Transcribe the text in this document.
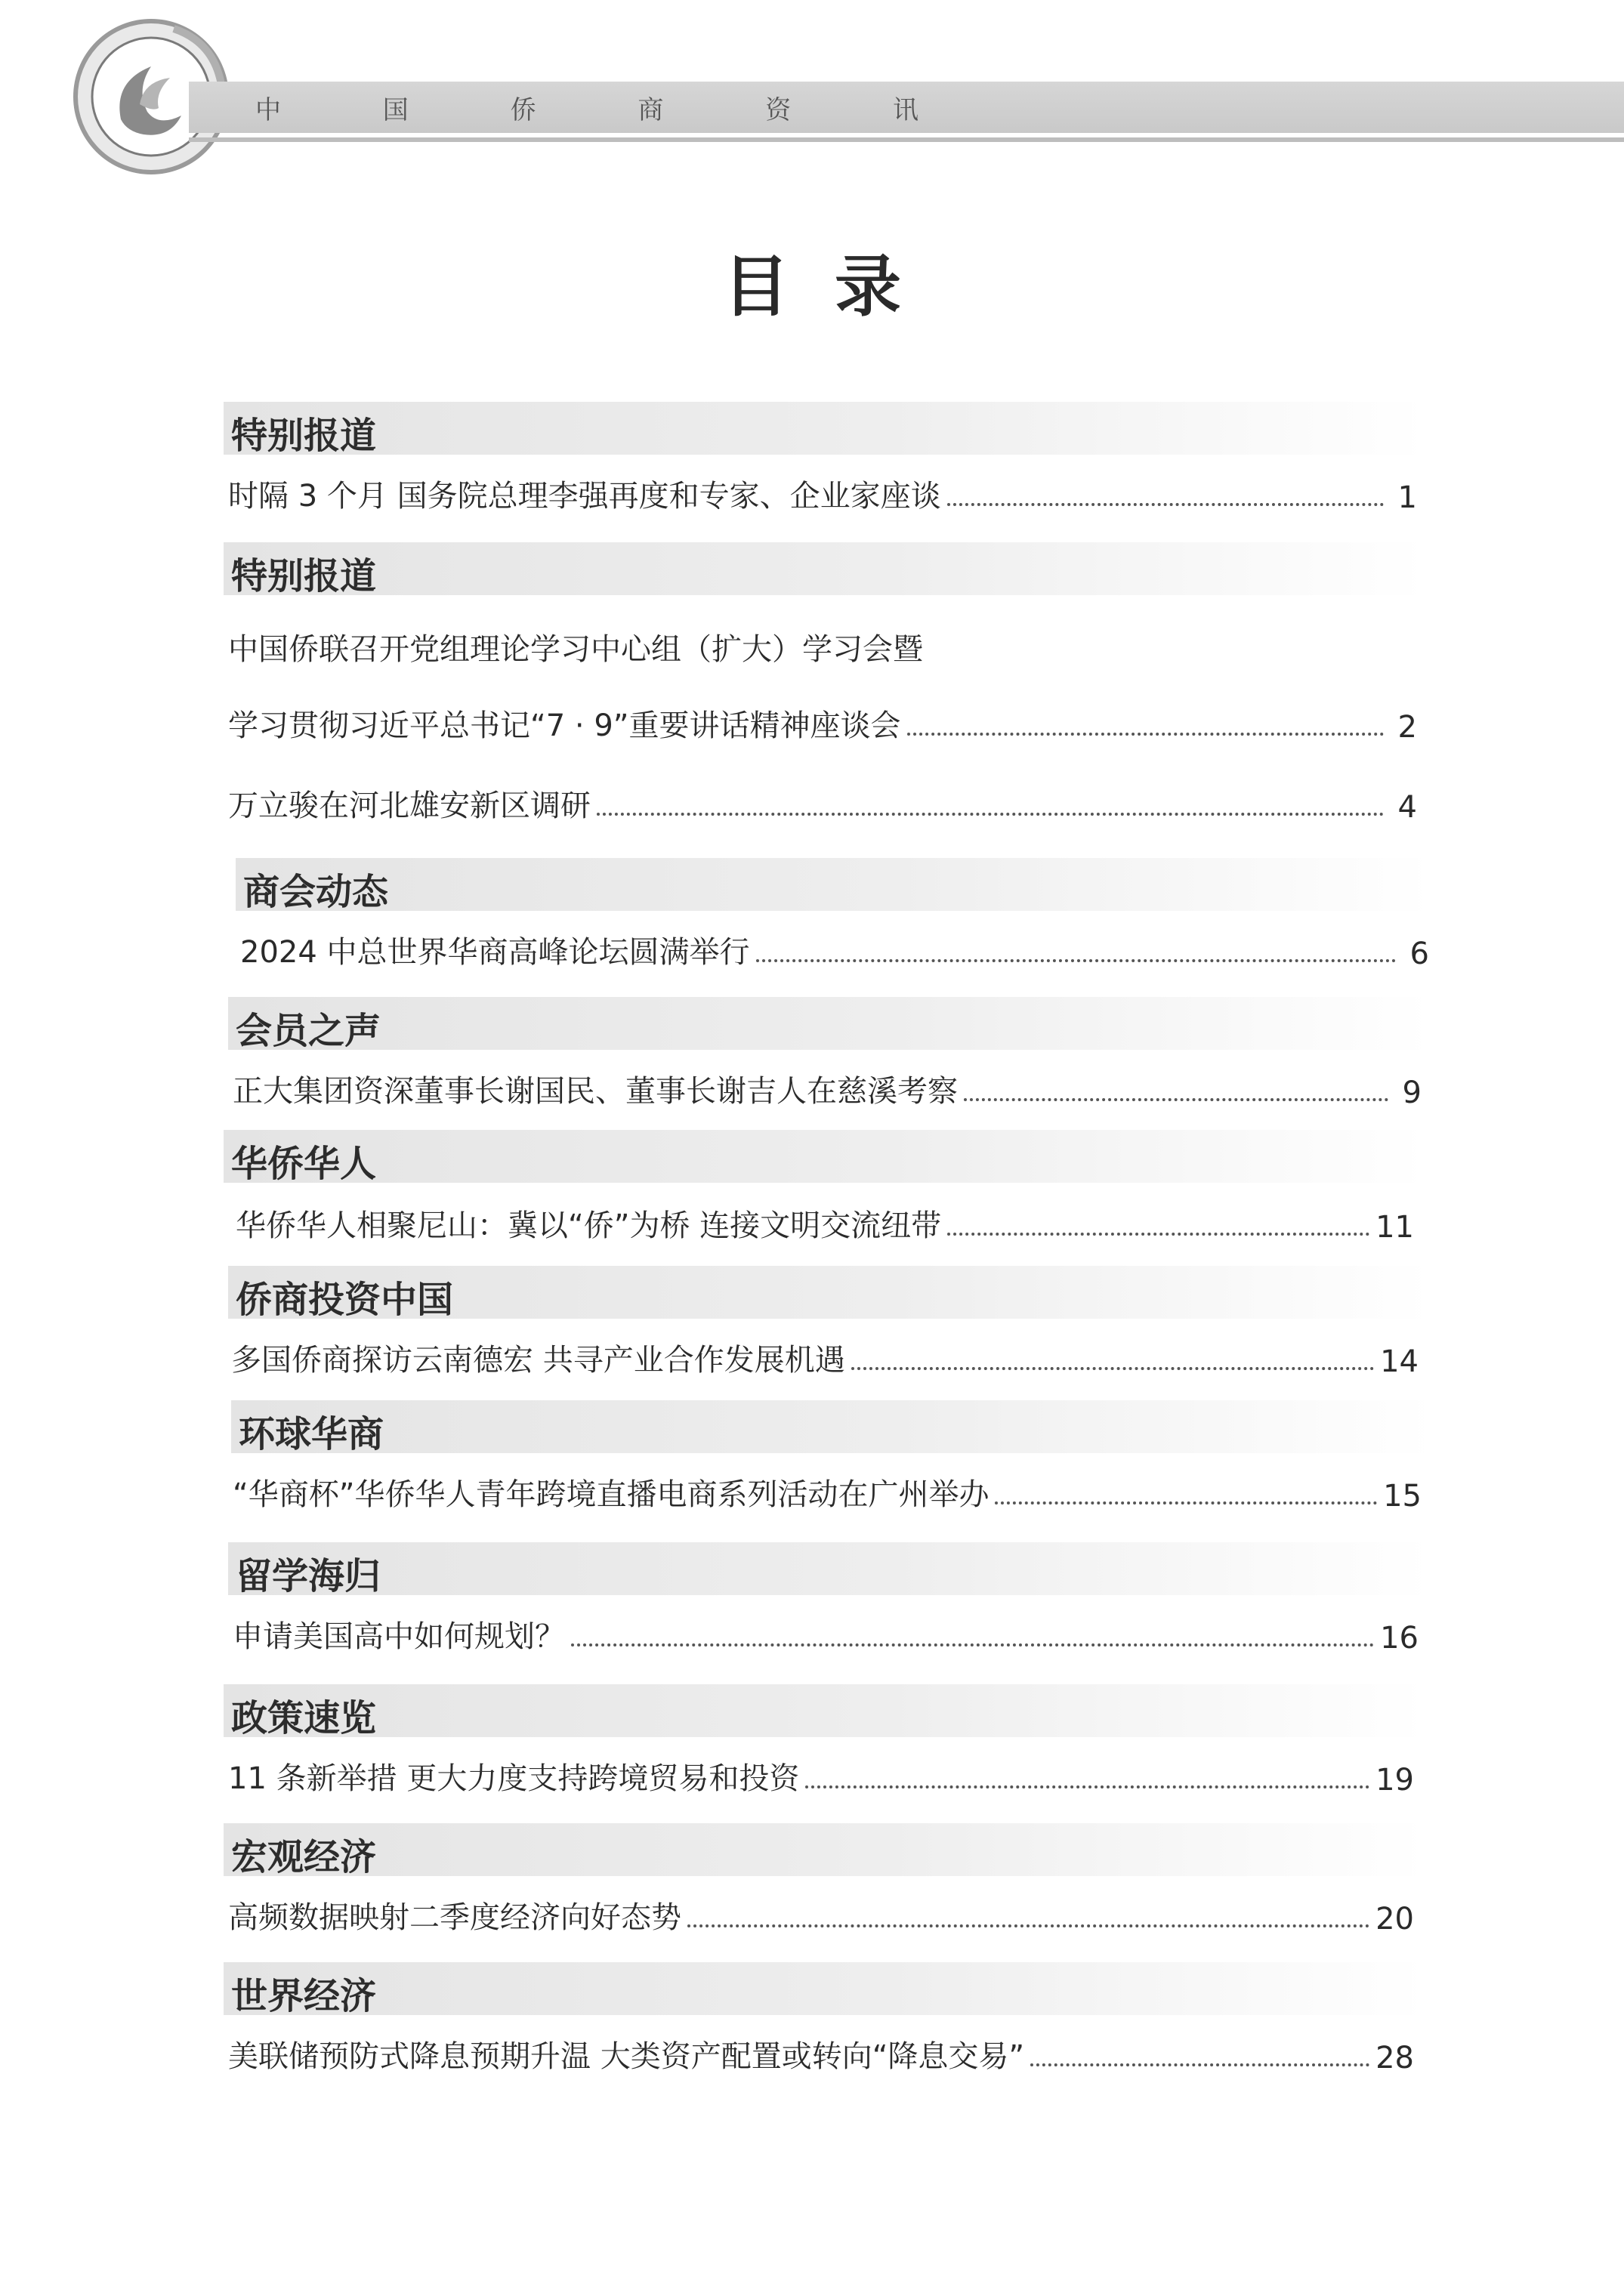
中 国 侨 商 资 讯
目录
特别报道
时隔 3 个月 国务院总理李强再度和专家、企业家座谈	1
特别报道
中国侨联召开党组理论学习中心组（扩大）学习会暨
学习贯彻习近平总书记“7 · 9”重要讲话精神座谈会	2
万立骏在河北雄安新区调研	4
商会动态
2024 中总世界华商高峰论坛圆满举行	6
会员之声
正大集团资深董事长谢国民、董事长谢吉人在慈溪考察	9
华侨华人
华侨华人相聚尼山：冀以“侨”为桥 连接文明交流纽带	11
侨商投资中国
多国侨商探访云南德宏 共寻产业合作发展机遇	14
环球华商
“华商杯”华侨华人青年跨境直播电商系列活动在广州举办	15
留学海归
申请美国高中如何规划？	16
政策速览
11 条新举措 更大力度支持跨境贸易和投资	19
宏观经济
高频数据映射二季度经济向好态势	20
世界经济
美联储预防式降息预期升温 大类资产配置或转向“降息交易”	28
